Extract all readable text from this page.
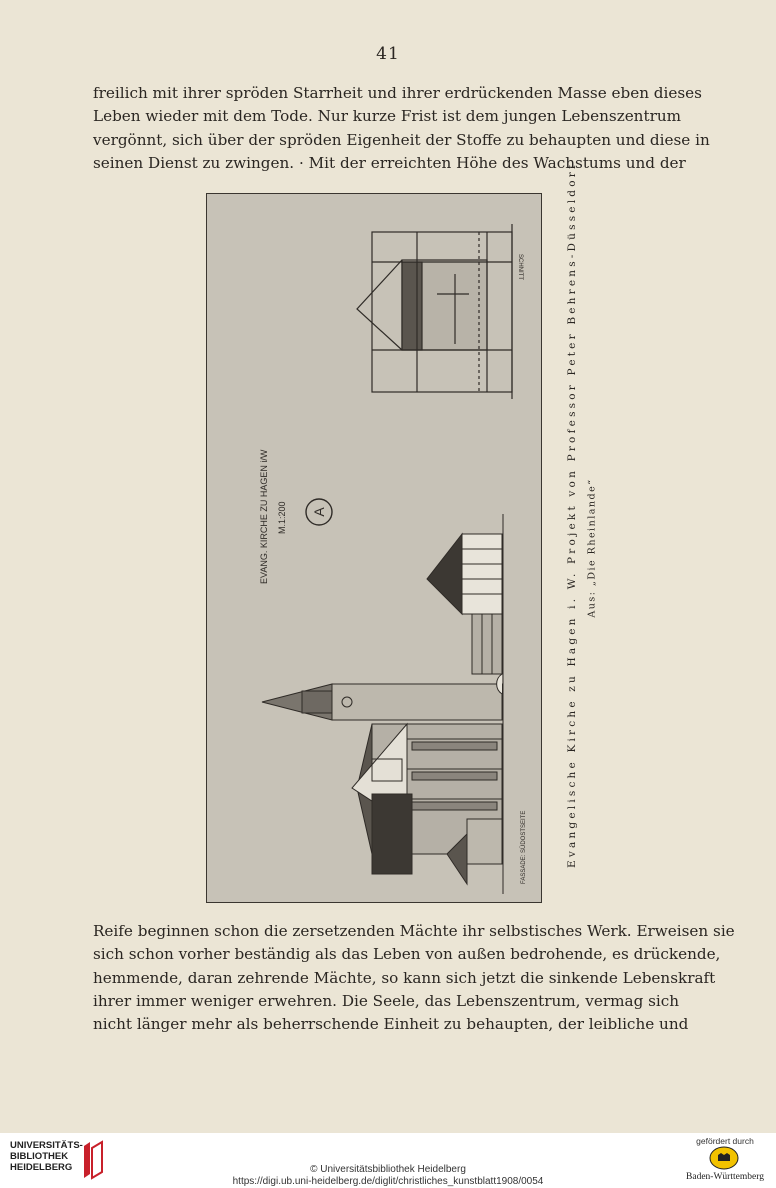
41
freilich mit ihrer spröden Starrheit und ihrer erdrückenden Masse eben dieses
Leben wieder mit dem Tode. Nur kurze Frist ist dem jungen Lebenszentrum
vergönnt, sich über der spröden Eigenheit der Stoffe zu behaupten und diese in
seinen Dienst zu zwingen. · Mit der erreichten Höhe des Wachstums und der
SCHNITT
EVANG. KIRCHE ZU HAGEN i/W M.1:200 A
FASSADE: SÜDOSTSEITE	Evangelische Kirche zu Hagen i. W. Projekt von Professor Peter Behrens-Düsseldorf Aus: „Die Rheinlande“
Reife beginnen schon die zersetzenden Mächte ihr selbstisches Werk. Erweisen sie
sich schon vorher beständig als das Leben von außen bedrohende, es drückende,
hemmende, daran zehrende Mächte, so kann sich jetzt die sinkende Lebenskraft
ihrer immer weniger erwehren. Die Seele, das Lebenszentrum, vermag sich
nicht länger mehr als beherrschende Einheit zu behaupten, der leibliche und
UNIVERSITÄTS-
BIBLIOTHEK
HEIDELBERG	© Universitätsbibliothek Heidelberg
https://digi.ub.uni-heidelberg.de/diglit/christliches_kunstblatt1908/0054
gefördert durch
Baden-Württemberg
